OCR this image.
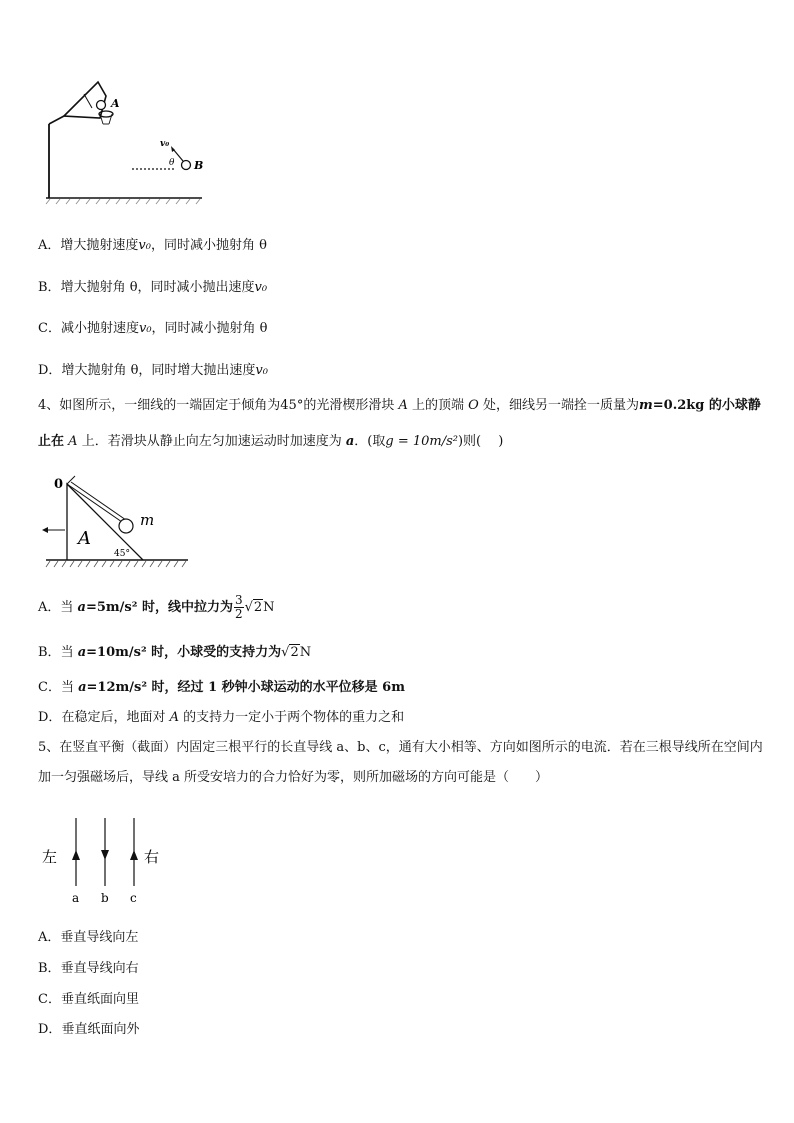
A
B
v₀
θ
A．增大抛射速度v₀，同时减小抛射角 θ
B．增大抛射角 θ，同时减小抛出速度v₀
C．减小抛射速度v₀，同时减小抛射角 θ
D．增大抛射角 θ，同时增大抛出速度v₀
4、如图所示，一细线的一端固定于倾角为45°的光滑楔形滑块 A 上的顶端 O 处，细线另一端拴一质量为m=0.2kg 的小球静止在 A 上．若滑块从静止向左匀加速运动时加速度为 a．(取g = 10m/s²)则(　 )
0
m
A
45°
A．当 a=5m/s² 时，线中拉力为 $\frac{3}{2} √2N$
B．当 a=10m/s² 时，小球受的支持力为√2N
C．当 a=12m/s² 时，经过 1 秒钟小球运动的水平位移是 6m
D．在稳定后，地面对 A 的支持力一定小于两个物体的重力之和
5、在竖直平衡（截面）内固定三根平行的长直导线 a、b、c，通有大小相等、方向如图所示的电流．若在三根导线所在空间内加一匀强磁场后，导线 a 所受安培力的合力恰好为零，则所加磁场的方向可能是（　　）
左	右
a b c
A．垂直导线向左
B．垂直导线向右
C．垂直纸面向里
D．垂直纸面向外
